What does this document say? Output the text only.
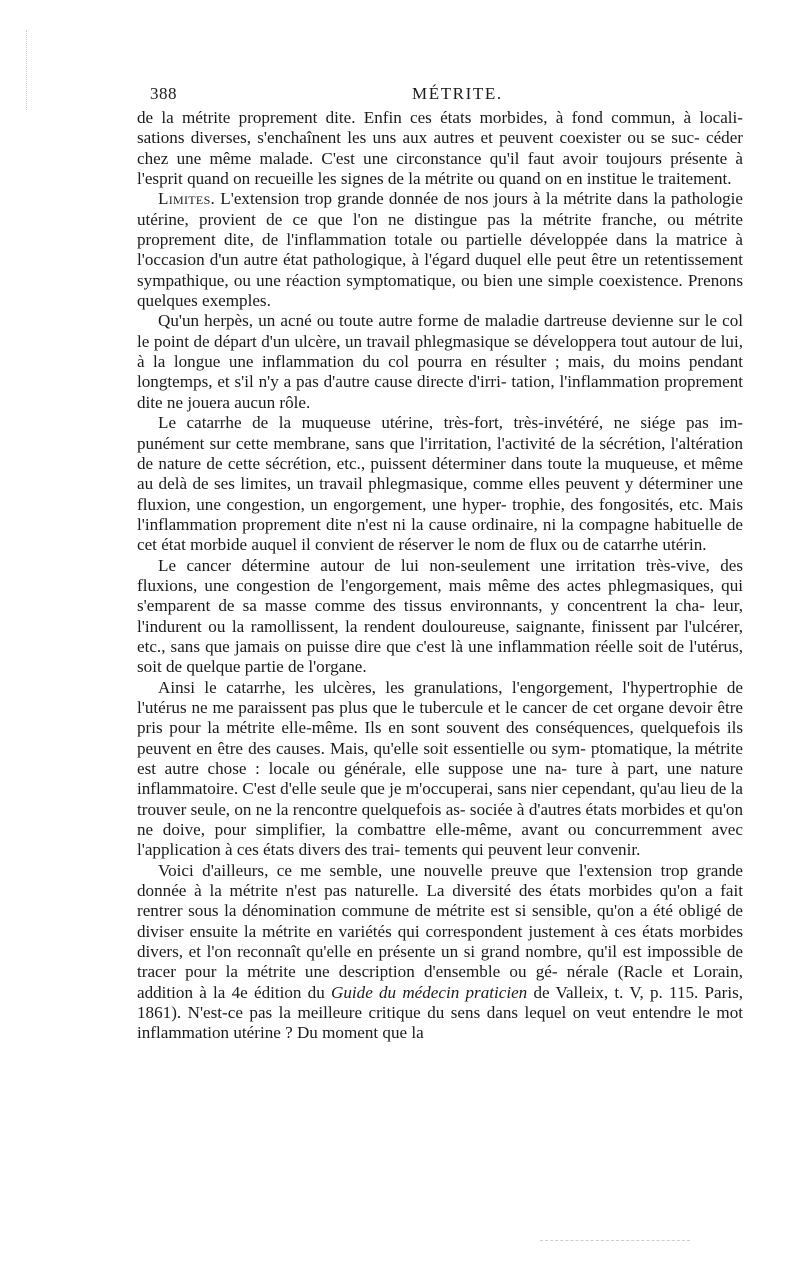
388	MÉTRITE.

de la métrite proprement dite. Enfin ces états morbides, à fond commun, à locali- sations diverses, s'enchaînent les uns aux autres et peuvent coexister ou se suc- céder chez une même malade. C'est une circonstance qu'il faut avoir toujours présente à l'esprit quand on recueille les signes de la métrite ou quand on en institue le traitement.

Limites. L'extension trop grande donnée de nos jours à la métrite dans la pathologie utérine, provient de ce que l'on ne distingue pas la métrite franche, ou métrite proprement dite, de l'inflammation totale ou partielle développée dans la matrice à l'occasion d'un autre état pathologique, à l'égard duquel elle peut être un retentissement sympathique, ou une réaction symptomatique, ou bien une simple coexistence. Prenons quelques exemples.

Qu'un herpès, un acné ou toute autre forme de maladie dartreuse devienne sur le col le point de départ d'un ulcère, un travail phlegmasique se développera tout autour de lui, à la longue une inflammation du col pourra en résulter ; mais, du moins pendant longtemps, et s'il n'y a pas d'autre cause directe d'irri- tation, l'inflammation proprement dite ne jouera aucun rôle.

Le catarrhe de la muqueuse utérine, très-fort, très-invétéré, ne siége pas im- punément sur cette membrane, sans que l'irritation, l'activité de la sécrétion, l'altération de nature de cette sécrétion, etc., puissent déterminer dans toute la muqueuse, et même au delà de ses limites, un travail phlegmasique, comme elles peuvent y déterminer une fluxion, une congestion, un engorgement, une hyper- trophie, des fongosités, etc. Mais l'inflammation proprement dite n'est ni la cause ordinaire, ni la compagne habituelle de cet état morbide auquel il convient de réserver le nom de flux ou de catarrhe utérin.

Le cancer détermine autour de lui non-seulement une irritation très-vive, des fluxions, une congestion de l'engorgement, mais même des actes phlegmasiques, qui s'emparent de sa masse comme des tissus environnants, y concentrent la cha- leur, l'indurent ou la ramollissent, la rendent douloureuse, saignante, finissent par l'ulcérer, etc., sans que jamais on puisse dire que c'est là une inflammation réelle soit de l'utérus, soit de quelque partie de l'organe.

Ainsi le catarrhe, les ulcères, les granulations, l'engorgement, l'hypertrophie de l'utérus ne me paraissent pas plus que le tubercule et le cancer de cet organe devoir être pris pour la métrite elle-même. Ils en sont souvent des conséquences, quelquefois ils peuvent en être des causes. Mais, qu'elle soit essentielle ou sym- ptomatique, la métrite est autre chose : locale ou générale, elle suppose une na- ture à part, une nature inflammatoire. C'est d'elle seule que je m'occuperai, sans nier cependant, qu'au lieu de la trouver seule, on ne la rencontre quelquefois as- sociée à d'autres états morbides et qu'on ne doive, pour simplifier, la combattre elle-même, avant ou concurremment avec l'application à ces états divers des trai- tements qui peuvent leur convenir.

Voici d'ailleurs, ce me semble, une nouvelle preuve que l'extension trop grande donnée à la métrite n'est pas naturelle. La diversité des états morbides qu'on a fait rentrer sous la dénomination commune de métrite est si sensible, qu'on a été obligé de diviser ensuite la métrite en variétés qui correspondent justement à ces états morbides divers, et l'on reconnaît qu'elle en présente un si grand nombre, qu'il est impossible de tracer pour la métrite une description d'ensemble ou gé- nérale (Racle et Lorain, addition à la 4e édition du Guide du médecin praticien de Valleix, t. V, p. 115. Paris, 1861). N'est-ce pas la meilleure critique du sens dans lequel on veut entendre le mot inflammation utérine ? Du moment que la
